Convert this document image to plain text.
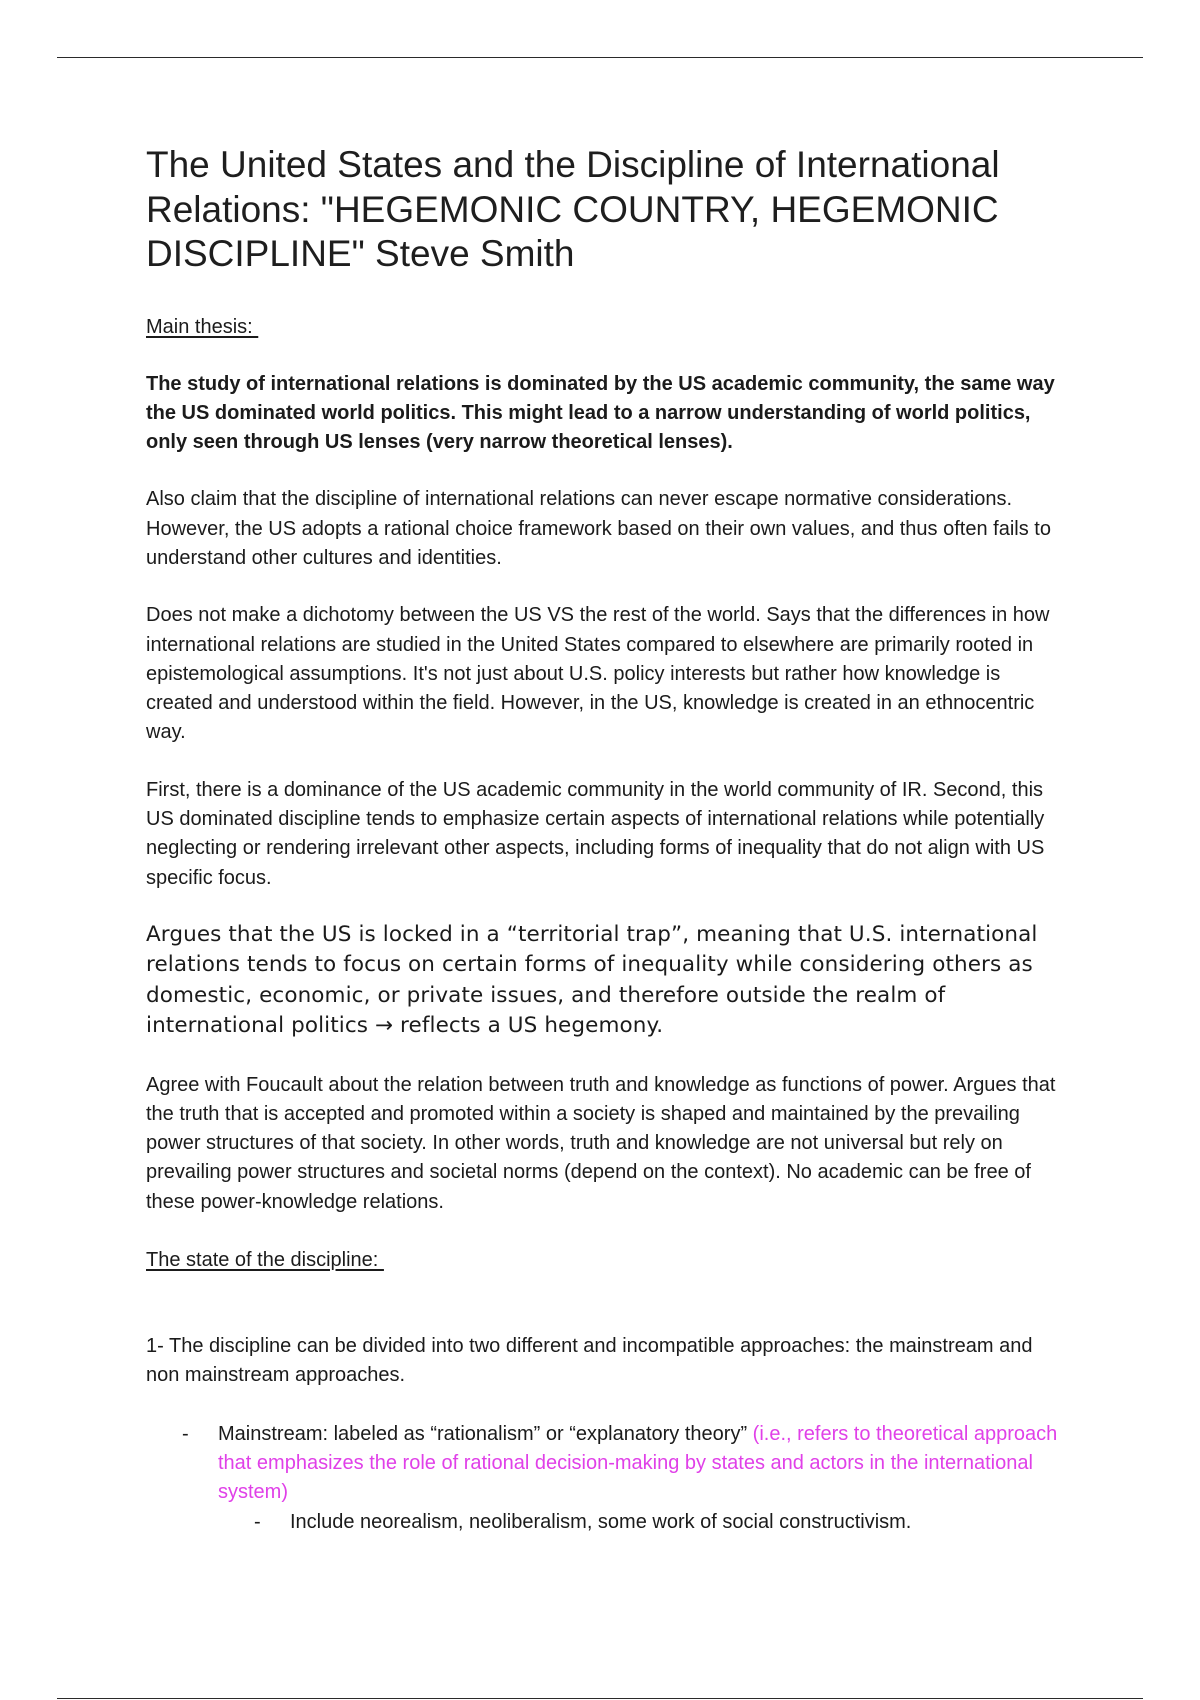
The United States and the Discipline of International Relations: "HEGEMONIC COUNTRY, HEGEMONIC DISCIPLINE" Steve Smith
Main thesis:

The study of international relations is dominated by the US academic community, the same way the US dominated world politics. This might lead to a narrow understanding of world politics, only seen through US lenses (very narrow theoretical lenses).

Also claim that the discipline of international relations can never escape normative considerations. However, the US adopts a rational choice framework based on their own values, and thus often fails to understand other cultures and identities.

Does not make a dichotomy between the US VS the rest of the world. Says that the differences in how international relations are studied in the United States compared to elsewhere are primarily rooted in epistemological assumptions. It's not just about U.S. policy interests but rather how knowledge is created and understood within the field. However, in the US, knowledge is created in an ethnocentric way.

First, there is a dominance of the US academic community in the world community of IR. Second, this US dominated discipline tends to emphasize certain aspects of international relations while potentially neglecting or rendering irrelevant other aspects, including forms of inequality that do not align with US specific focus.

Argues that the US is locked in a “territorial trap”, meaning that U.S. international relations tends to focus on certain forms of inequality while considering others as domestic, economic, or private issues, and therefore outside the realm of international politics → reflects a US hegemony.

Agree with Foucault about the relation between truth and knowledge as functions of power. Argues that the truth that is accepted and promoted within a society is shaped and maintained by the prevailing power structures of that society. In other words, truth and knowledge are not universal but rely on prevailing power structures and societal norms (depend on the context). No academic can be free of these power-knowledge relations.

The state of the discipline:

1- The discipline can be divided into two different and incompatible approaches: the mainstream and non mainstream approaches.

- Mainstream: labeled as “rationalism” or “explanatory theory” (i.e., refers to theoretical approach that emphasizes the role of rational decision-making by states and actors in the international system)
- Include neorealism, neoliberalism, some work of social constructivism.
